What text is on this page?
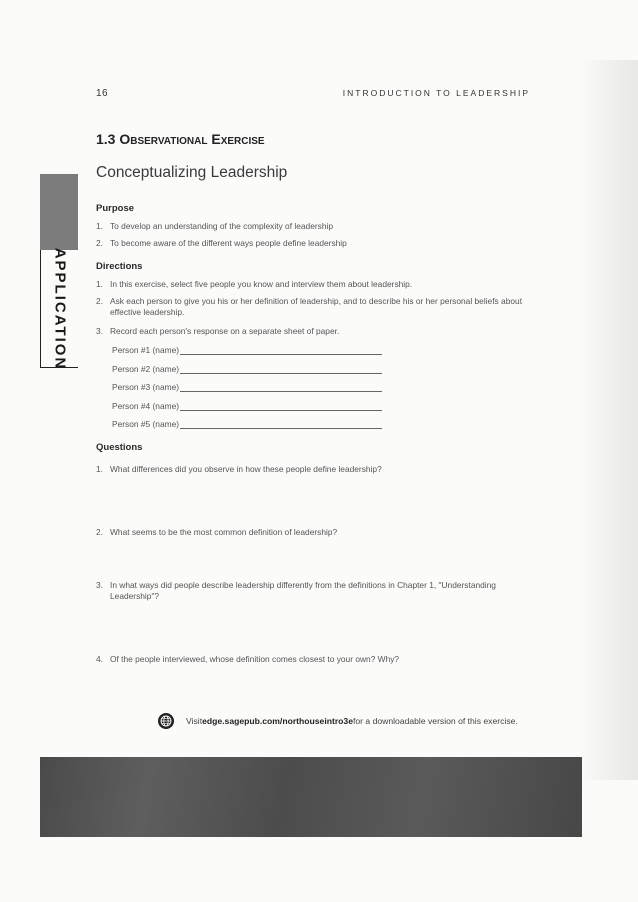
16	INTRODUCTION TO LEADERSHIP
APPLICATION
1.3 Observational Exercise
Conceptualizing Leadership
Purpose
1. To develop an understanding of the complexity of leadership
2. To become aware of the different ways people define leadership
Directions
1. In this exercise, select five people you know and interview them about leadership.
2. Ask each person to give you his or her definition of leadership, and to describe his or her personal beliefs about effective leadership.
3. Record each person's response on a separate sheet of paper.
Person #1 (name)
Person #2 (name)
Person #3 (name)
Person #4 (name)
Person #5 (name)
Questions
1. What differences did you observe in how these people define leadership?
2. What seems to be the most common definition of leadership?
3. In what ways did people describe leadership differently from the definitions in Chapter 1, "Understanding Leadership"?
4. Of the people interviewed, whose definition comes closest to your own? Why?
Visit edge.sagepub.com/northouseintro3e for a downloadable version of this exercise.
